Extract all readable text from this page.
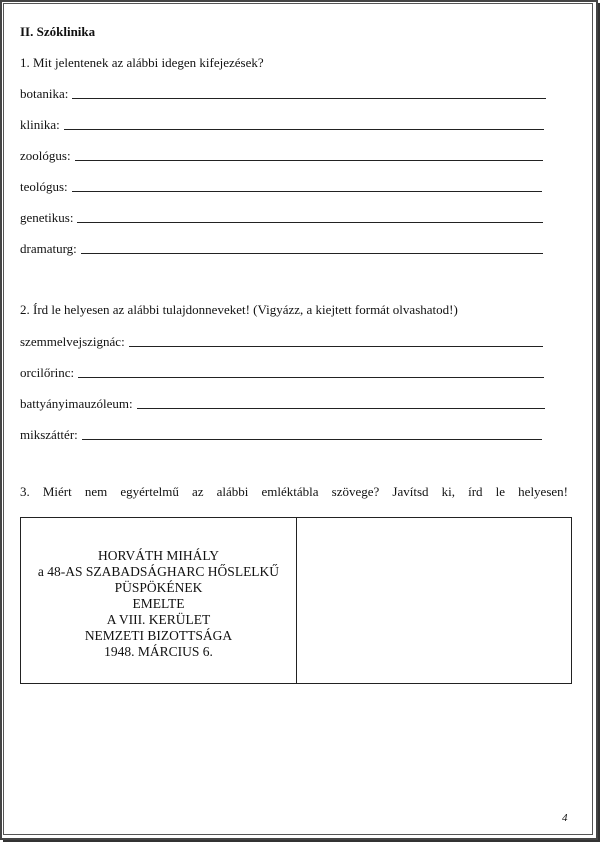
II. Szóklinika
1. Mit jelentenek az alábbi idegen kifejezések?
botanika:
klinika:
zoológus:
teológus:
genetikus:
dramaturg:
2. Írd le helyesen az alábbi tulajdonneveket! (Vigyázz, a kiejtett formát olvashatod!)
szemmelvejszignác:
orcilőrinc:
battyányimauzóleum:
mikszáttér:
3. Miért nem egyértelmű az alábbi emléktábla szövege? Javítsd ki, írd le helyesen!
HORVÁTH MIHÁLY
a 48-AS SZABADSÁGHARC HŐSLELKŰ
PÜSPÖKÉNEK
EMELTE
A VIII. KERÜLET
NEMZETI BIZOTTSÁGA
1948. MÁRCIUS 6.
4
